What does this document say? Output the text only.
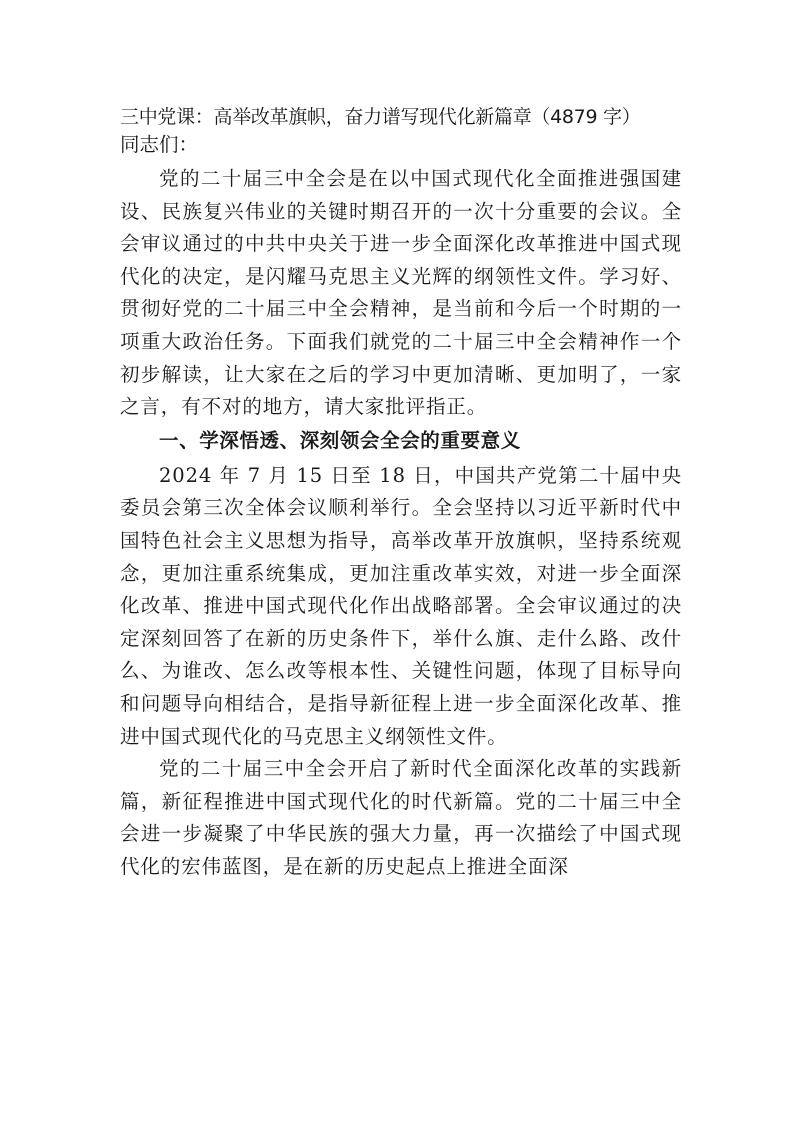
三中党课：高举改革旗帜，奋力谱写现代化新篇章（4879 字）

同志们：

党的二十届三中全会是在以中国式现代化全面推进强国建设、民族复兴伟业的关键时期召开的一次十分重要的会议。全会审议通过的中共中央关于进一步全面深化改革推进中国式现代化的决定，是闪耀马克思主义光辉的纲领性文件。学习好、贯彻好党的二十届三中全会精神，是当前和今后一个时期的一项重大政治任务。下面我们就党的二十届三中全会精神作一个初步解读，让大家在之后的学习中更加清晰、更加明了，一家之言，有不对的地方，请大家批评指正。

一、学深悟透、深刻领会全会的重要意义

2024 年 7 月 15 日至 18 日，中国共产党第二十届中央委员会第三次全体会议顺利举行。全会坚持以习近平新时代中国特色社会主义思想为指导，高举改革开放旗帜，坚持系统观念，更加注重系统集成，更加注重改革实效，对进一步全面深化改革、推进中国式现代化作出战略部署。全会审议通过的决定深刻回答了在新的历史条件下，举什么旗、走什么路、改什么、为谁改、怎么改等根本性、关键性问题，体现了目标导向和问题导向相结合，是指导新征程上进一步全面深化改革、推进中国式现代化的马克思主义纲领性文件。

党的二十届三中全会开启了新时代全面深化改革的实践新篇，新征程推进中国式现代化的时代新篇。党的二十届三中全会进一步凝聚了中华民族的强大力量，再一次描绘了中国式现代化的宏伟蓝图，是在新的历史起点上推进全面深
